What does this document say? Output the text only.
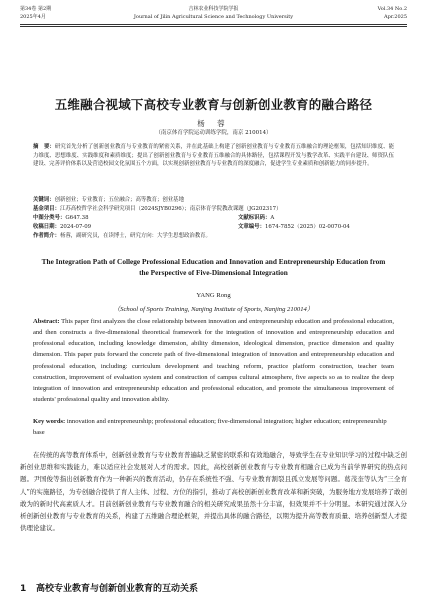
第34卷 第2期
2025年4月
吉林农业科技学院学报
Journal of Jilin Agricultural Science and Technology University
Vol.34 No.2
Apr.2025
五维融合视域下高校专业教育与创新创业教育的融合路径
杨 蓉
（南京体育学院运动训练学院，南京 210014）
摘　要：研究首先分析了创新创业教育与专业教育的紧密关系，并在此基础上构建了创新创业教育与专业教育五维融合的理论框架，包括知识维度、能力维度、思想维度、实践维度和素质维度；提出了创新创业教育与专业教育五维融合的具体路径，包括课程开发与教学改革、实践平台建设、师资队伍建设、完善评价体系以及营造校园文化氛围五个方面，以实现创新创业教育与专业教育的深度融合，促进学生专业素质和创新能力的同步提升。
关键词：创新创业；专业教育；五位融合；高等教育；创业基地
基金项目：江苏高校哲学社会科学研究项目（2024SJYB0296）；南京体育学院教改课题（JG202317）
中图分类号：G647.38	文献标识码：A
收稿日期：2024-07-09	文章编号：1674-7852（2025）02-0070-04
作者简介：杨蓉，副研究员，在读博士，研究方向：大学生思想政治教育。
The Integration Path of College Professional Education and Innovation and Entrepreneurship Education from the Perspective of Five-Dimensional Integration
YANG Rong
（School of Sports Training, Nanjing Institute of Sports, Nanjing 210014）
Abstract: This paper first analyzes the close relationship between innovation and entrepreneurship education and professional education, and then constructs a five-dimensional theoretical framework for the integration of innovation and entrepreneurship education and professional education, including knowledge dimension, ability dimension, ideological dimension, practice dimension and quality dimension. This paper puts forward the concrete path of five-dimensional integration of innovation and entrepreneurship education and professional education, including: curriculum development and teaching reform, practice platform construction, teacher team construction, improvement of evaluation system and construction of campus cultural atmosphere, five aspects so as to realize the deep integration of innovation and entrepreneurship education and professional education, and promote the simultaneous improvement of students' professional quality and innovation ability.
Key words: innovation and entrepreneurship; professional education; five-dimensional integration; higher education; entrepreneurship base
在传统的高等教育体系中，创新创业教育与专业教育普遍缺乏紧密的联系和有效地融合，导致学生在专业知识学习的过程中缺乏创新创业思维和实践能力，难以适应社会发展对人才的需求。因此，高校创新创业教育与专业教育相融合已成为当前学界研究的热点问题。尹国俊等指出创新教育作为一种新兴的教育活动，仍存在系统性不强、与专业教育割裂且孤立发展等问题。葛茂奎等认为“三全育人”的实施路径，为专创融合提供了育人主体、过程、方位的指引，推动了高校创新创业教育改革和新突破，为服务地方发展培养了敢创敢为的新时代高素质人才。目前创新创业教育与专业教育融合的相关研究成果虽然十分丰富，但效果并不十分明显。本研究通过深入分析创新创业教育与专业教育的关系，构建了五维融合理论框架，并提出具体的融合路径，以期为提升高等教育质量、培养创新型人才提供理论建议。
1 高校专业教育与创新创业教育的互动关系
